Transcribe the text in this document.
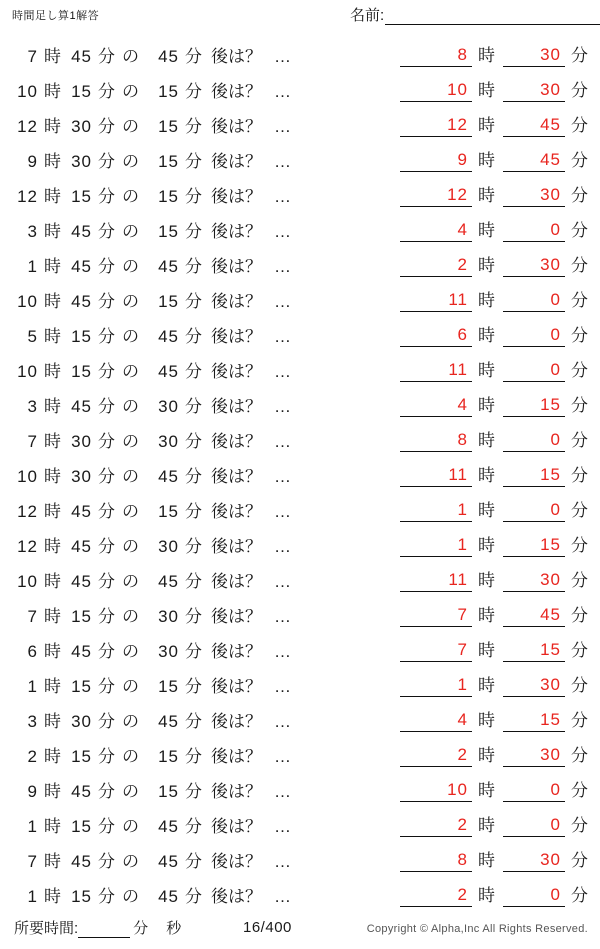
時間足し算1解答	名前:
7 時 45 分 の 45 分 後は？ …	8 時	30 分
10 時 15 分 の 15 分 後は？ …	10 時	30 分
12 時 30 分 の 15 分 後は？ …	12 時	45 分
9 時 30 分 の 15 分 後は？ …	9 時	45 分
12 時 15 分 の 15 分 後は？ …	12 時	30 分
3 時 45 分 の 15 分 後は？ …	4 時	0 分
1 時 45 分 の 45 分 後は？ …	2 時	30 分
10 時 45 分 の 15 分 後は？ …	11 時	0 分
5 時 15 分 の 45 分 後は？ …	6 時	0 分
10 時 15 分 の 45 分 後は？ …	11 時	0 分
3 時 45 分 の 30 分 後は？ …	4 時	15 分
7 時 30 分 の 30 分 後は？ …	8 時	0 分
10 時 30 分 の 45 分 後は？ …	11 時	15 分
12 時 45 分 の 15 分 後は？ …	1 時	0 分
12 時 45 分 の 30 分 後は？ …	1 時	15 分
10 時 45 分 の 45 分 後は？ …	11 時	30 分
7 時 15 分 の 30 分 後は？ …	7 時	45 分
6 時 45 分 の 30 分 後は？ …	7 時	15 分
1 時 15 分 の 15 分 後は？ …	1 時	30 分
3 時 30 分 の 45 分 後は？ …	4 時	15 分
2 時 15 分 の 15 分 後は？ …	2 時	30 分
9 時 45 分 の 15 分 後は？ …	10 時	0 分
1 時 15 分 の 45 分 後は？ …	2 時	0 分
7 時 45 分 の 45 分 後は？ …	8 時	30 分
1 時 15 分 の 45 分 後は？ …	2 時	0 分
所要時間:	分	秒	16/400	Copyright © Alpha,Inc All Rights Reserved.
